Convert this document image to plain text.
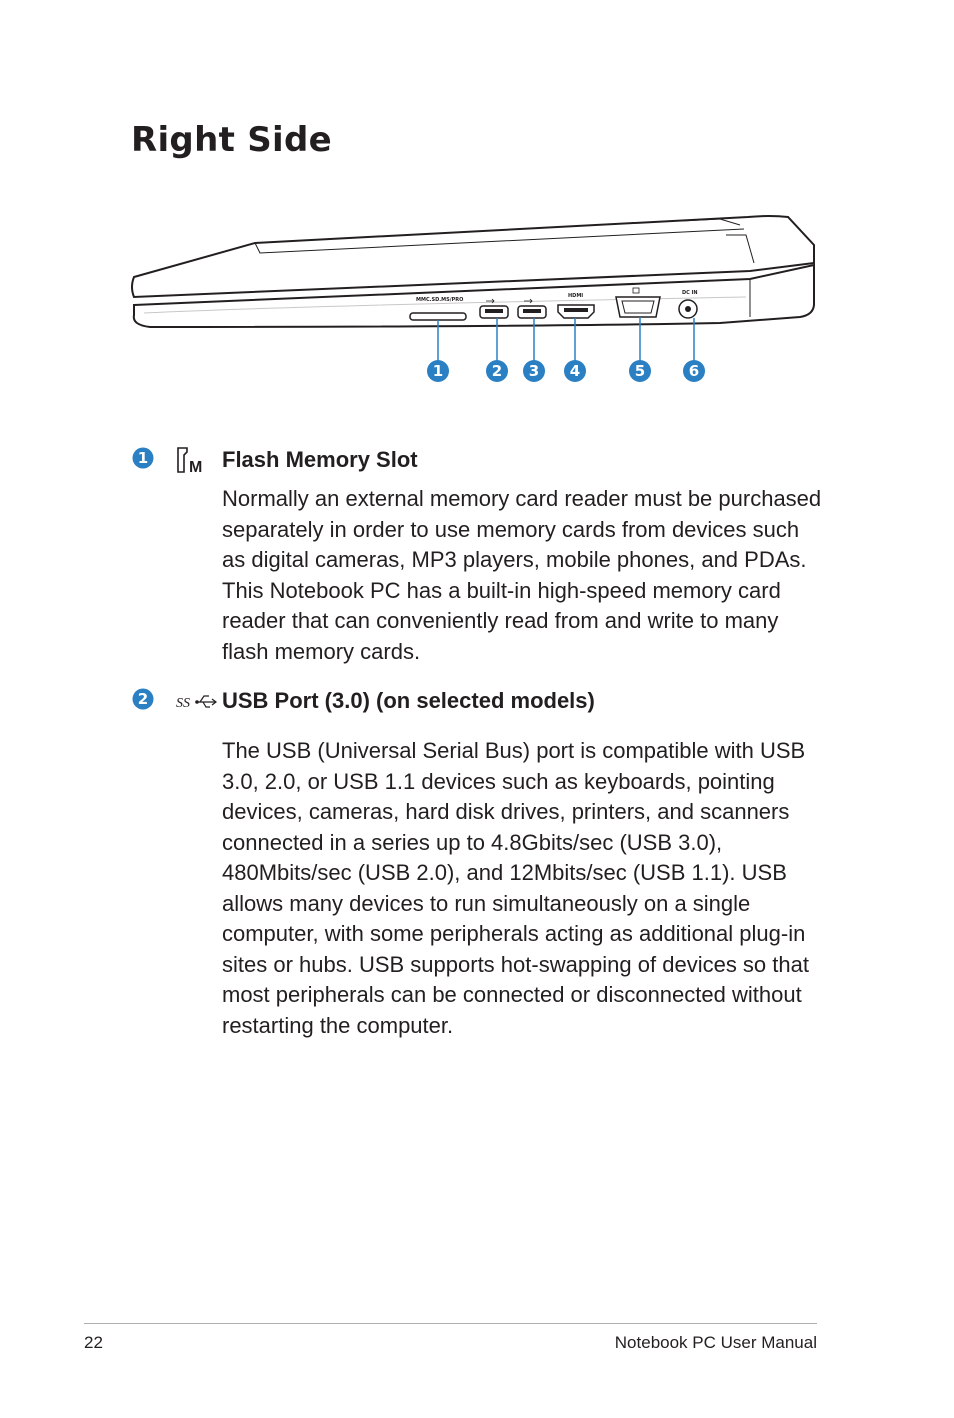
Right Side
MMC.SD.MS/PRO
HDMI	DC IN
1	2 3 4	5	6
1
M Flash Memory Slot

Normally an external memory card reader must be purchased separately in order to use memory cards from devices such as digital cameras, MP3 players, mobile phones, and PDAs. This Notebook PC has a built-in high-speed memory card reader that can conveniently read from and write to many flash memory cards.

2 SS USB Port (3.0) (on selected models)

The USB (Universal Serial Bus) port is compatible with USB 3.0, 2.0, or USB 1.1 devices such as keyboards, pointing devices, cameras, hard disk drives, printers, and scanners connected in a series up to 4.8Gbits/sec (USB 3.0), 480Mbits/sec (USB 2.0), and 12Mbits/sec (USB 1.1). USB allows many devices to run simultaneously on a single computer, with some peripherals acting as additional plug-in sites or hubs. USB supports hot-swapping of devices so that most peripherals can be connected or disconnected without restarting the computer.

22	Notebook PC User Manual
